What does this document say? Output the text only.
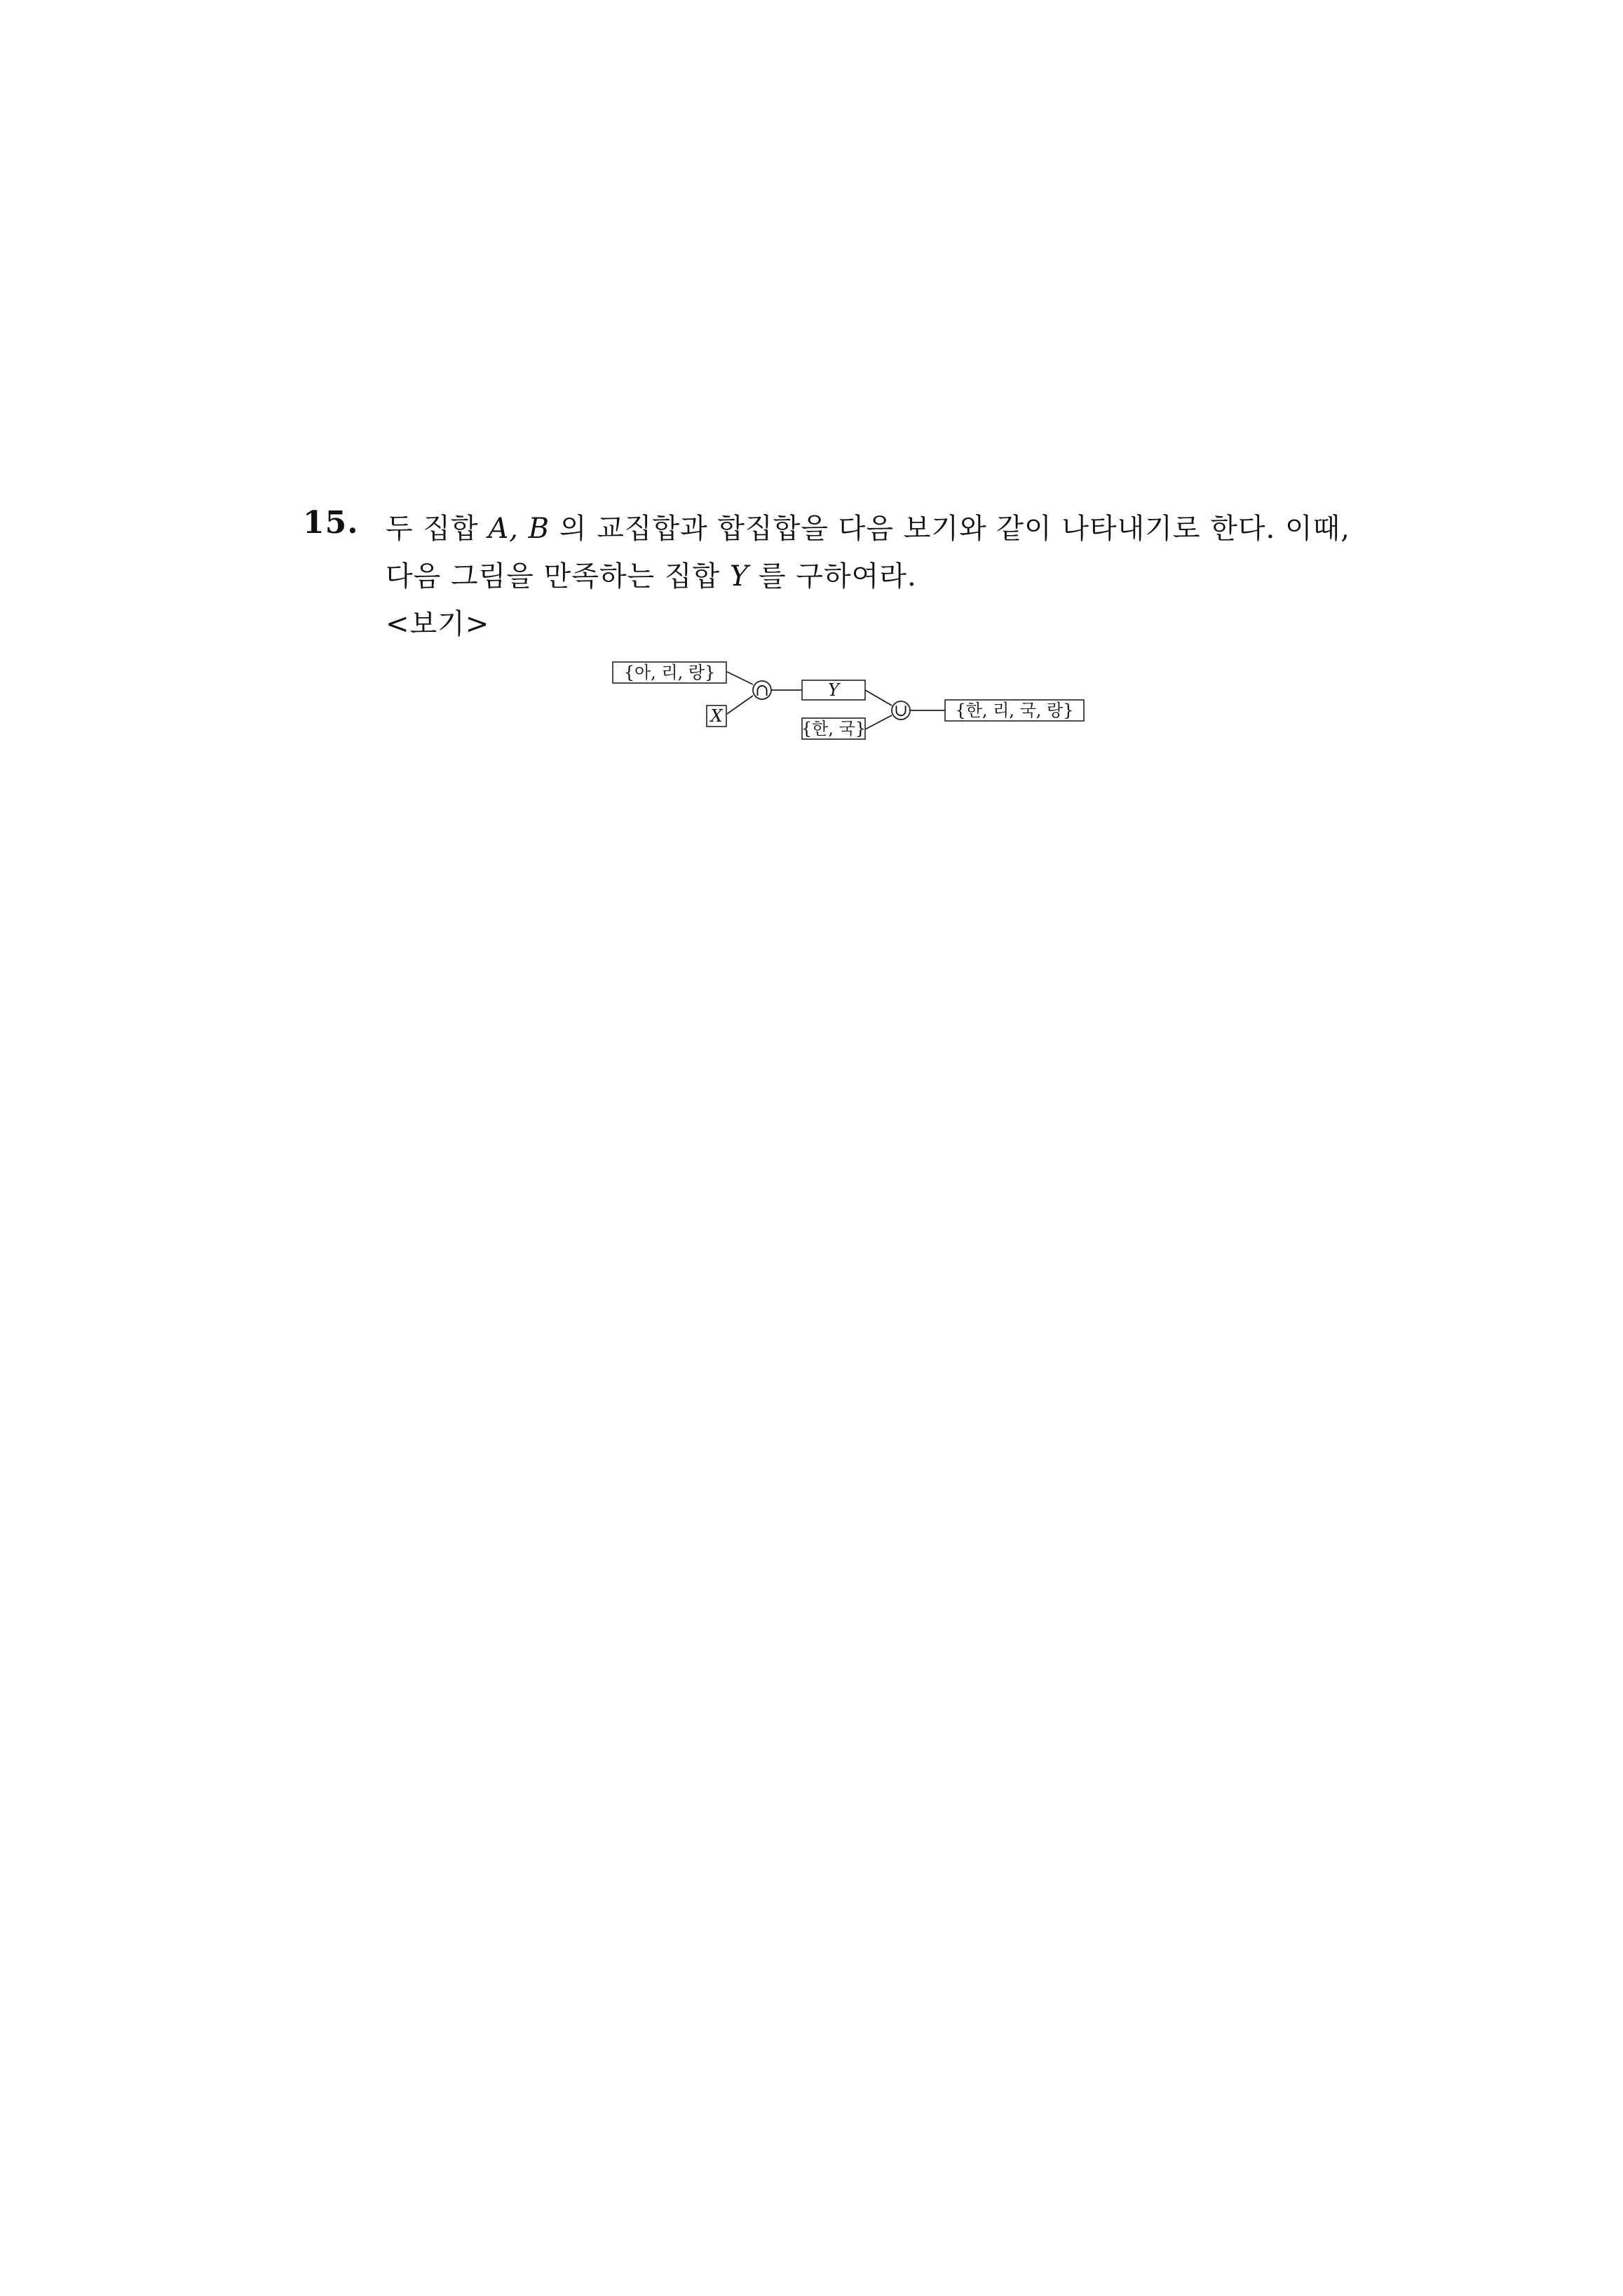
15. 두 집합 A, B 의 교집합과 합집합을 다음 보기와 같이 나타내기로 한다. 이때,
다음 그림을 만족하는 집합 Y 를 구하여라.
<보기>
{아, 리, 랑}
X
∩	Y
{한, 국}
∪	{한, 리, 국, 랑}
